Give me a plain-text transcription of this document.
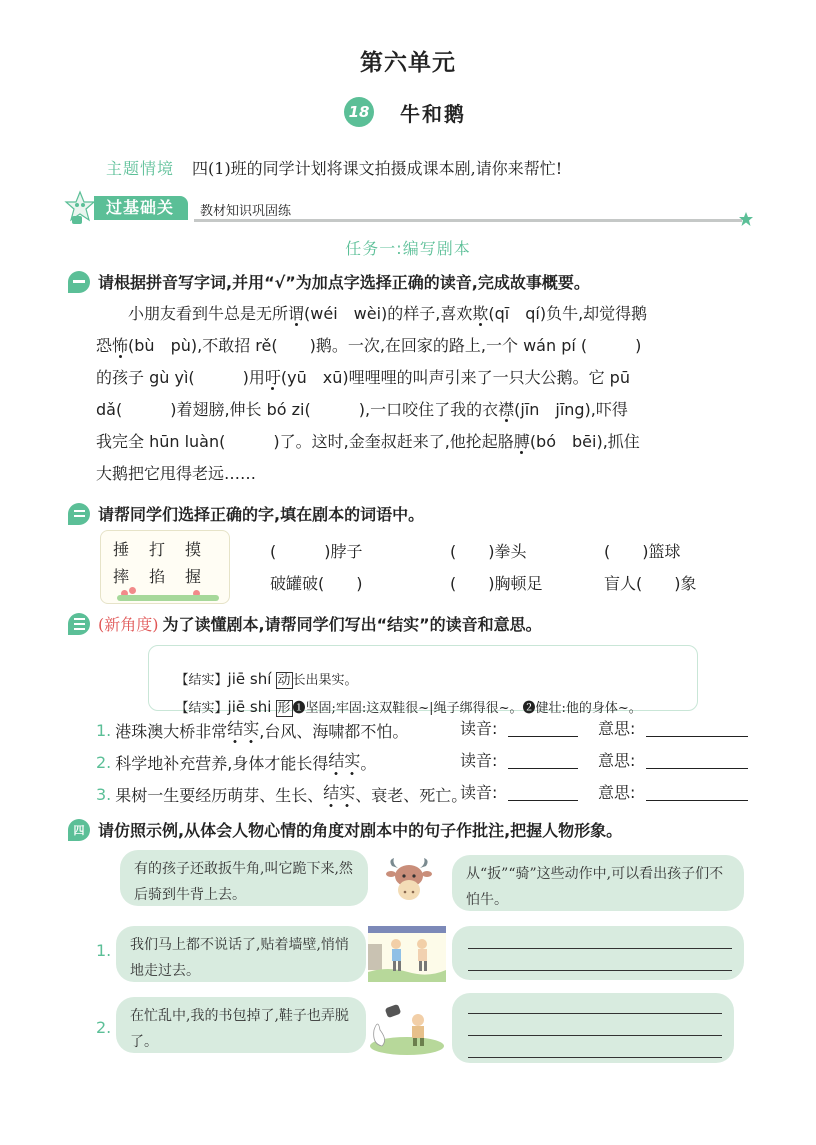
第六单元
18 牛和鹅
主题情境 四(1)班的同学计划将课文拍摄成课本剧,请你来帮忙!
过基础关	教材知识巩固练
任务一:编写剧本
请根据拼音写字词,并用“√”为加点字选择正确的读音,完成故事概要。

　　小朋友看到牛总是无所谓(wéi　wèi)的样子,喜欢欺(qī　qí)负牛,却觉得鹅

恐怖(bù　pù),不敢招 rě(　　)鹅。一次,在回家的路上,一个 wán pí (　　　)

的孩子 gù yì(　　　)用吁(yū　xū)哩哩哩的叫声引来了一只大公鹅。它 pū

dǎ(　　　)着翅膀,伸长 bó zi(　　　),一口咬住了我的衣襟(jīn　jīng),吓得

我完全 hūn luàn(　　　)了。这时,金奎叔赶来了,他抡起胳膊(bó　bēi),抓住

大鹅把它甩得老远……

请帮同学们选择正确的字,填在剧本的词语中。
捶	打	摸
摔	掐	握
(　　　)脖子	(　　)拳头	(　　)篮球
破罐破(　　)	(　　)胸顿足	盲人(　　)象
(新角度) 为了读懂剧本,请帮同学们写出“结实”的读音和意思。

【结实】jiē shí 动 长出果实。

【结实】jiē shi 形 ❶坚固;牢固:这双鞋很~|绳子绑得很~。❷健壮:他的身体~。

1. 港珠澳大桥非常 结实 ,台风、海啸都不怕。	读音:	意思:
2. 科学地补充营养,身体才能长得 结实 。	读音:	意思:
3. 果树一生要经历萌芽、生长、 结实 、衰老、死亡。
读音:	意思:
四 请仿照示例,从体会人物心情的角度对剧本中的句子作批注,把握人物形象。
有的孩子还敢扳牛角,叫它跪下来,然后骑到牛背上去。
从“扳”“骑”这些动作中,可以看出孩子们不怕牛。
1.	我们马上都不说话了,贴着墙壁,悄悄地走过去。
2.
在忙乱中,我的书包掉了,鞋子也弄脱了。
